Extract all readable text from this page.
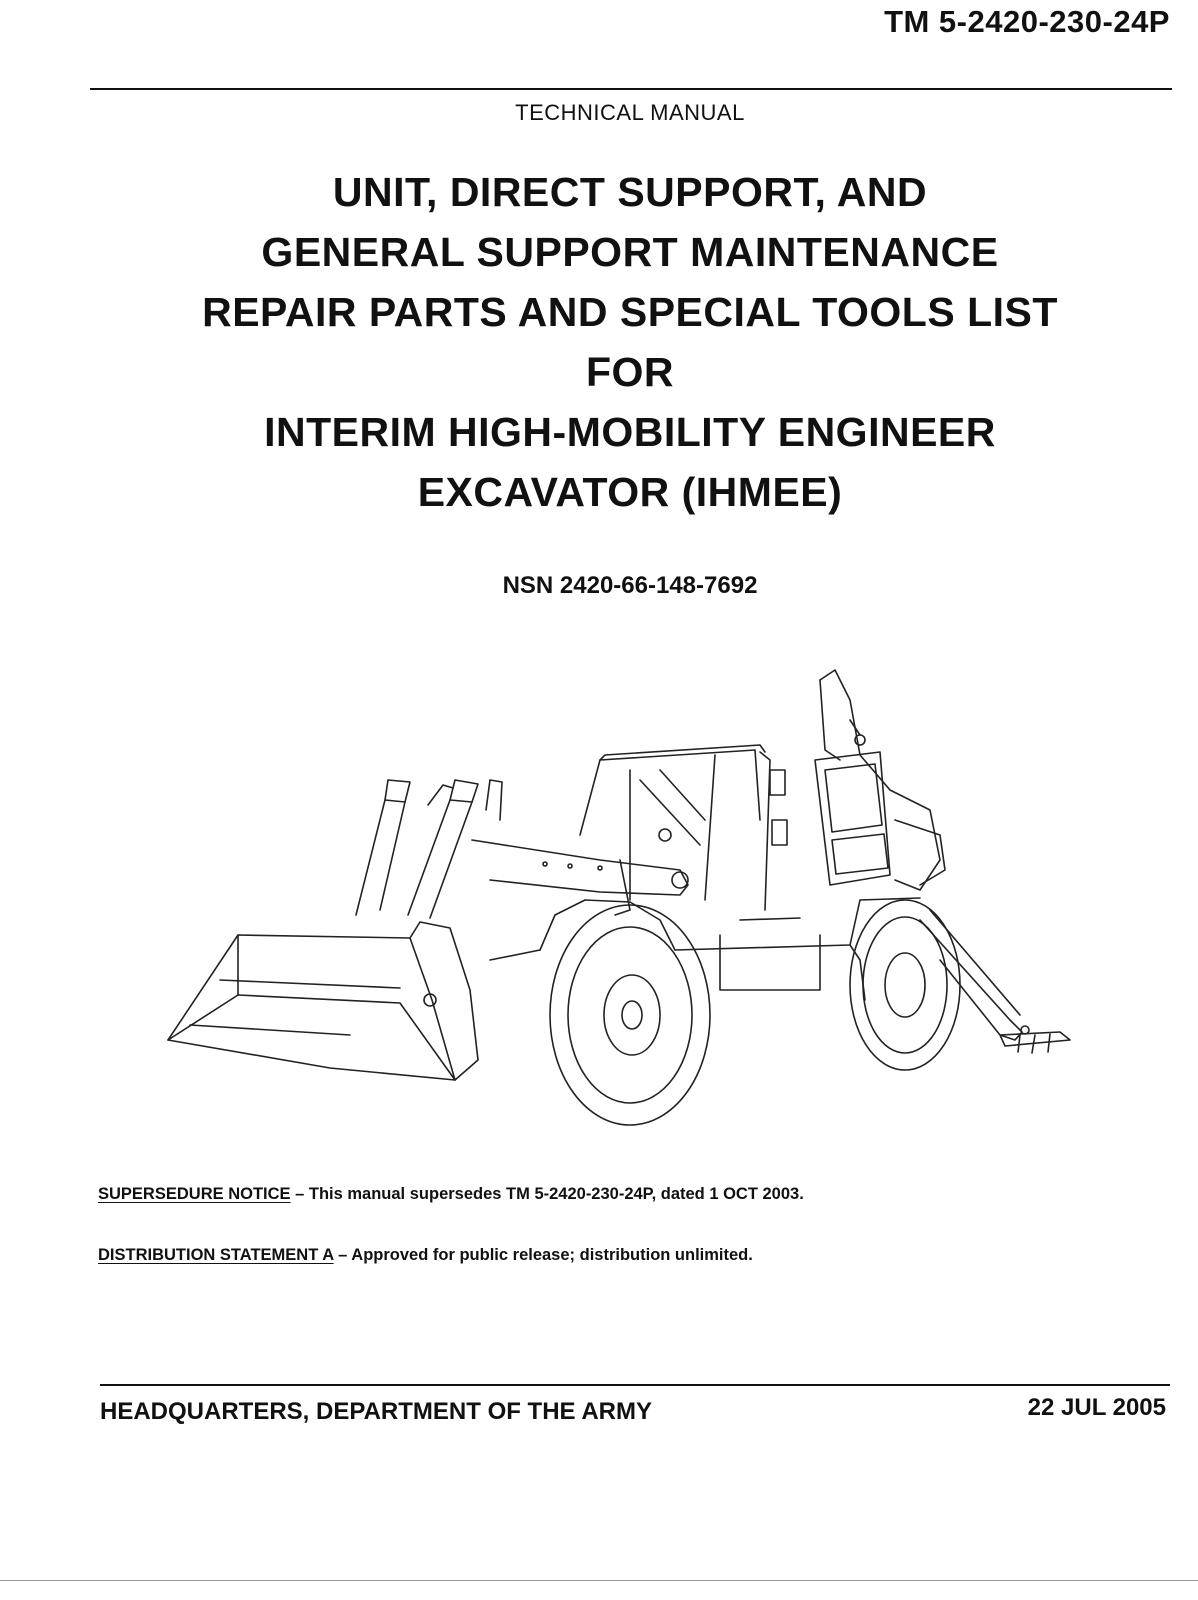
TM 5-2420-230-24P
TECHNICAL MANUAL
UNIT, DIRECT SUPPORT, AND
GENERAL SUPPORT MAINTENANCE
REPAIR PARTS AND SPECIAL TOOLS LIST
FOR
INTERIM HIGH-MOBILITY ENGINEER
EXCAVATOR (IHMEE)
NSN 2420-66-148-7692
SUPERSEDURE NOTICE – This manual supersedes TM 5-2420-230-24P, dated 1 OCT 2003.
DISTRIBUTION STATEMENT A – Approved for public release; distribution unlimited.
HEADQUARTERS, DEPARTMENT OF THE ARMY	22 JUL 2005
